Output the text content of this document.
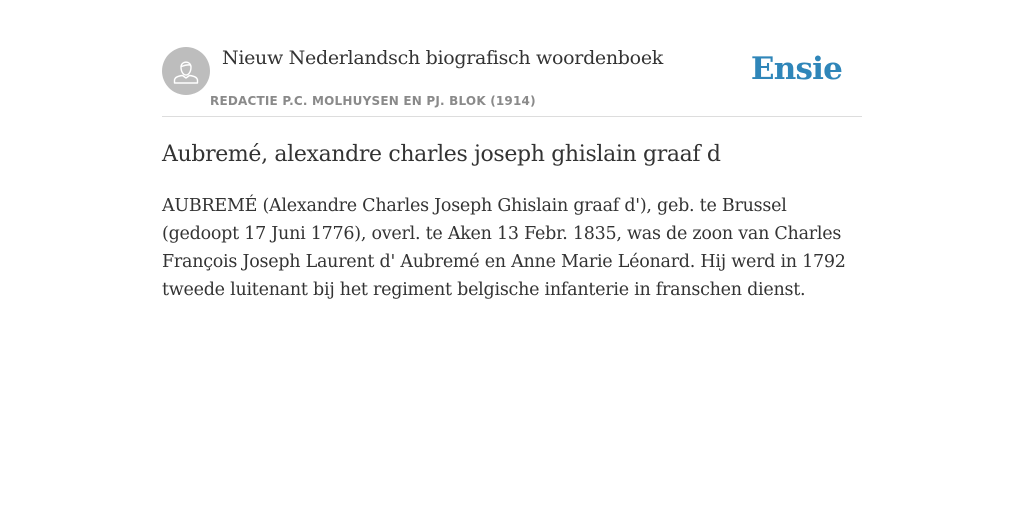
Nieuw Nederlandsch biografisch woordenboek
REDACTIE P.C. MOLHUYSEN EN PJ. BLOK (1914)
Ensie
Aubremé, alexandre charles joseph ghislain graaf d

AUBREMÉ (Alexandre Charles Joseph Ghislain graaf d'), geb. te Brussel (gedoopt 17 Juni 1776), overl. te Aken 13 Febr. 1835, was de zoon van Charles François Joseph Laurent d' Aubremé en Anne Marie Léonard. Hij werd in 1792 tweede luitenant bij het regiment belgische infanterie in franschen dienst.
